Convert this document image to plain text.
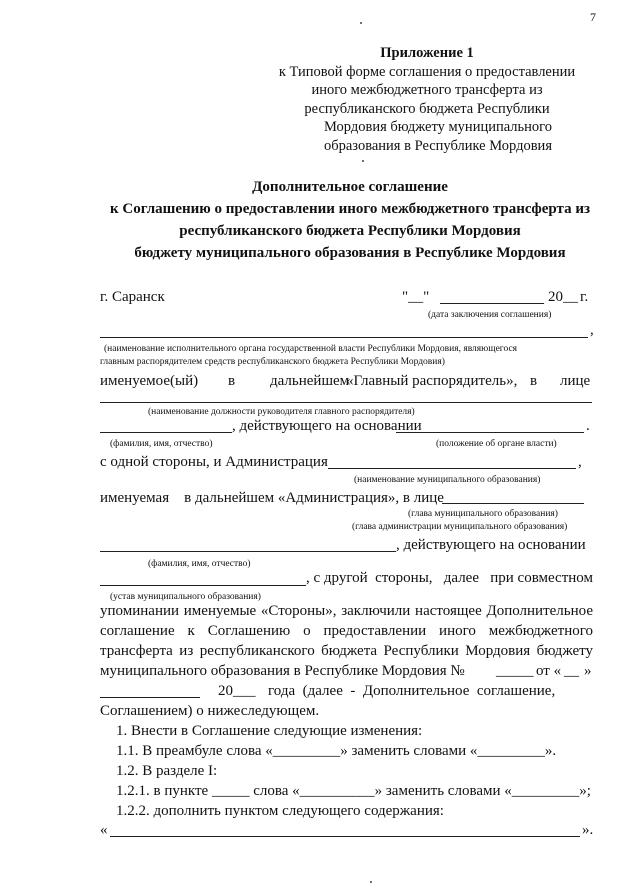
7
Приложение 1
к Типовой форме соглашения о предоставлении
иного межбюджетного трансферта из
республиканского бюджета Республики
Мордовия бюджету муниципального
образования в Республике Мордовия
Дополнительное соглашение
к Соглашению о предоставлении иного межбюджетного трансферта из
республиканского бюджета Республики Мордовия
бюджету муниципального образования в Республике Мордовия
г. Саранск	"__"	20__ г.
(дата заключения соглашения)
,
(наименование исполнительного органа государственной власти Республики Мордовия, являющегося
главным распорядителем средств республиканского бюджета Республики Мордовия)
именуемое(ый) в дальнейшем
«Главный распорядитель», в лице
(наименование должности руководителя главного распорядителя)
, действующего на основании	.
(фамилия, имя, отчество)	(положение об органе власти)
с одной стороны, и Администрация	,
(наименование муниципального образования)
именуемая    в дальнейшем «Администрация», в лице
(глава муниципального образования)
(глава администрации муниципального образования)
, действующего на основании
(фамилия, имя, отчество)
, с другой  стороны,   далее   при совместном
(устав муниципального образования)
упоминании именуемые «Стороны», заключили настоящее Дополнительное
соглашение к Соглашению о предоставлении иного межбюджетного
трансферта из республиканского бюджета Республики Мордовия бюджету
муниципального образования в Республике Мордовия № _____ от « __ »
20___ года  (далее  -  Дополнительное  соглашение,
Соглашением) о нижеследующем.
1. Внести в Соглашение следующие изменения:
1.1. В преамбуле слова «_________» заменить словами «_________».
1.2. В разделе I:
1.2.1. в пункте _____ слова «__________» заменить словами «_________»;
1.2.2. дополнить пунктом следующего содержания:
«	».
